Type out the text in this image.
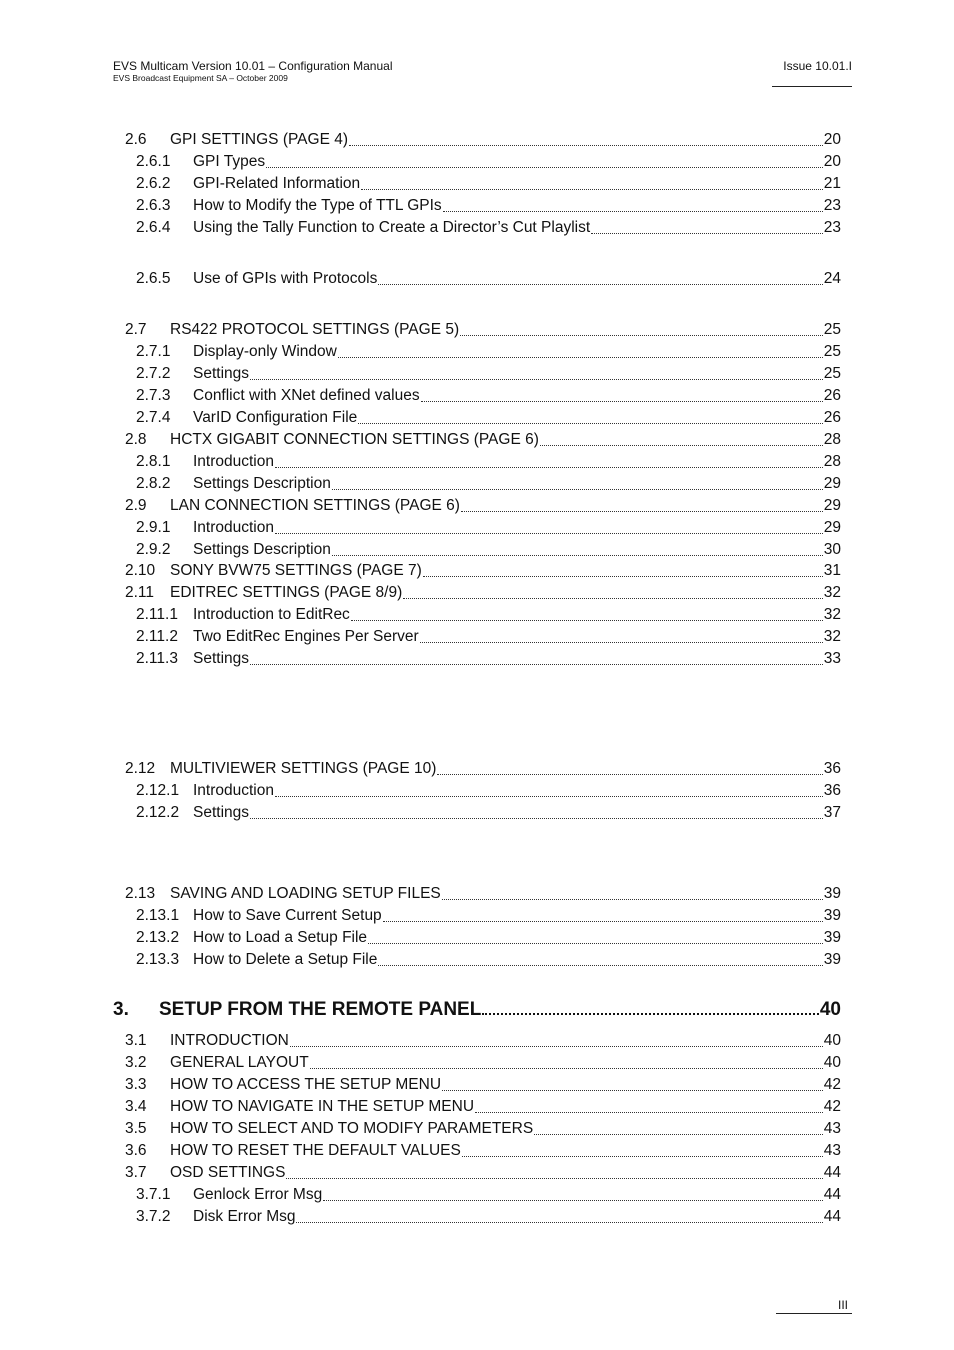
EVS Multicam Version 10.01 – Configuration Manual
EVS Broadcast Equipment SA – October 2009
Issue 10.01.I
2.6	GPI SETTINGS (PAGE 4)	20
2.6.1	GPI Types	20
2.6.2	GPI-Related Information	21
2.6.3	How to Modify the Type of TTL GPIs	23
2.6.4	Using the Tally Function to Create a Director’s Cut Playlist	23
2.6.5	Use of GPIs with Protocols	24
2.7	RS422 PROTOCOL SETTINGS (PAGE 5)	25
2.7.1	Display-only Window	25
2.7.2	Settings	25
2.7.3	Conflict with XNet defined values	26
2.7.4	VarID Configuration File	26
2.8	HCTX GIGABIT CONNECTION SETTINGS (PAGE 6)	28
2.8.1	Introduction	28
2.8.2	Settings Description	29
2.9	LAN CONNECTION SETTINGS (PAGE 6)	29
2.9.1	Introduction	29
2.9.2	Settings Description	30
2.10 SONY BVW75 SETTINGS (PAGE 7)	31
2.11	EDITREC SETTINGS (PAGE 8/9)	32
2.11.1 Introduction to EditRec	32
2.11.2 Two EditRec Engines Per Server	32
2.11.3 Settings	33
2.12 MULTIVIEWER SETTINGS (PAGE 10)	36
2.12.1 Introduction	36
2.12.2 Settings	37
2.13 SAVING AND LOADING SETUP FILES	39
2.13.1 How to Save Current Setup	39
2.13.2 How to Load a Setup File	39
2.13.3 How to Delete a Setup File	39
3.	SETUP FROM THE REMOTE PANEL	40
3.1	INTRODUCTION	40
3.2	GENERAL LAYOUT	40
3.3	HOW TO ACCESS THE SETUP MENU	42
3.4	HOW TO NAVIGATE IN THE SETUP MENU	42
3.5	HOW TO SELECT AND TO MODIFY PARAMETERS	43
3.6	HOW TO RESET THE DEFAULT VALUES	43
3.7	OSD SETTINGS	44
3.7.1	Genlock Error Msg	44
3.7.2	Disk Error Msg	44
III
